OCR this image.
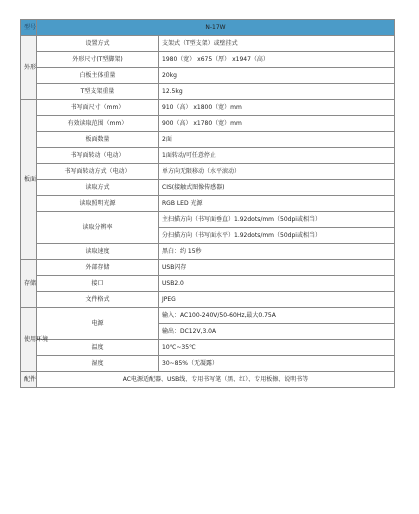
型号	N-17W	
外形	设置方式	支架式（T型支架）或壁挂式
	外形尺寸(T型脚架)	1980（宽） x675（厚） x1947（高）
	白板主体重量	20kg
	T型支架重量	12.5kg
板面	书写面尺寸（mm）	910（高） x1800（宽）mm
	有效读取范围（mm）	900（高） x1780（宽）mm
	板面数量	2面
	书写面转动（电动）	1面转动/可任意停止
	书写面转动方式（电动）	单方向无限移动（水平滚动）
	读取方式	CIS(接触式图像传感器)
	读取照明光源	RGB LED 光源
	读取分辨率	主扫描方向（书写面垂直）1.92dots/mm（50dpi或相当）
		分扫描方向（书写面水平）1.92dots/mm（50dpi或相当）
	读取速度	黑白：约 15秒
存储	外部存储	USB闪存
	接口	USB2.0
	文件格式	JPEG
使用环境	电源	输入：AC100-240V/50-60Hz,最大0.75A
		输出：DC12V,3.0A
	温度	10℃~35℃
	湿度	30~85%（无凝露）
配件	AC电源适配器、USB线、专用书写笔（黑、红）、专用板擦、说明书等	
